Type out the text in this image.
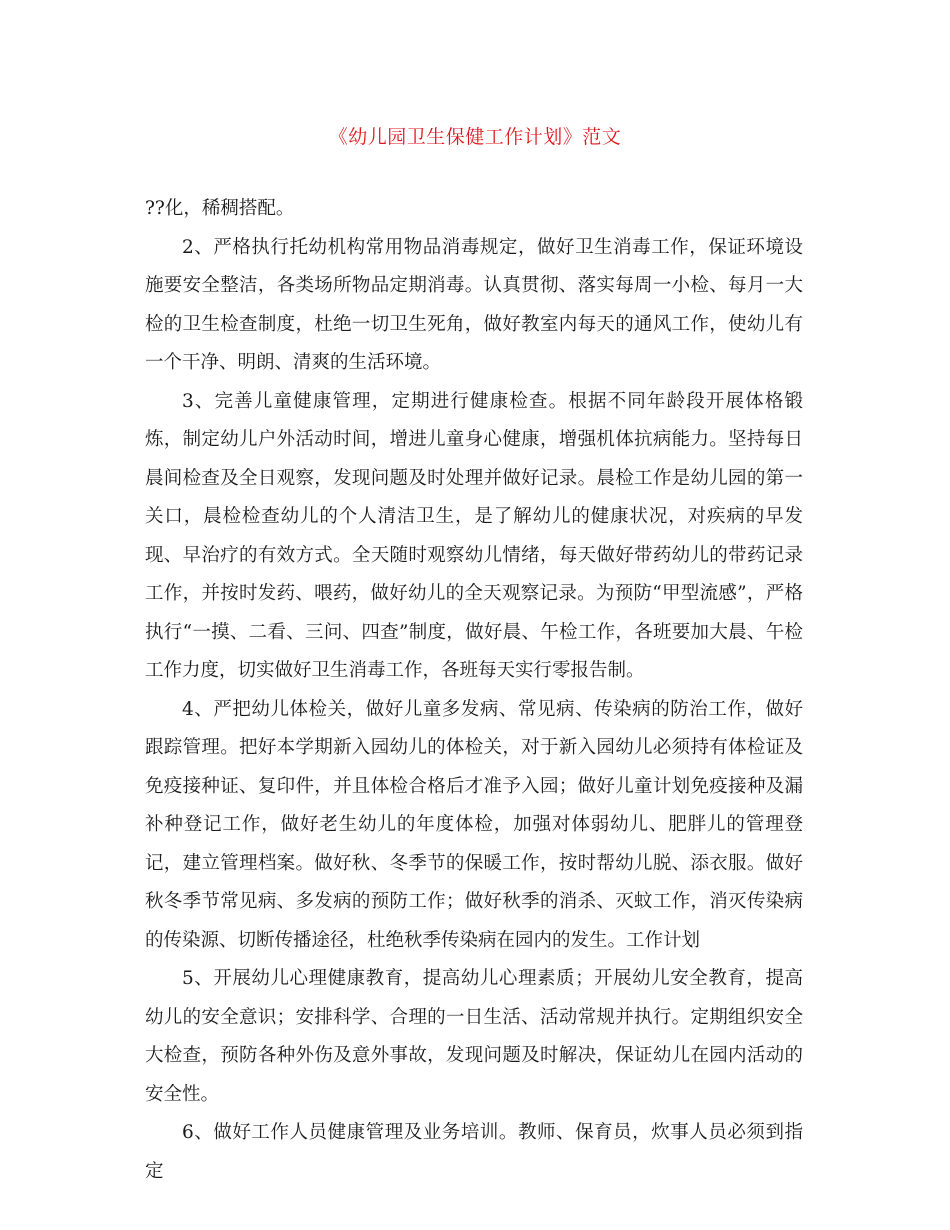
《幼儿园卫生保健工作计划》范文

??化，稀稠搭配。

2、严格执行托幼机构常用物品消毒规定，做好卫生消毒工作，保证环境设施要安全整洁，各类场所物品定期消毒。认真贯彻、落实每周一小检、每月一大检的卫生检查制度，杜绝一切卫生死角，做好教室内每天的通风工作，使幼儿有一个干净、明朗、清爽的生活环境。

3、完善儿童健康管理，定期进行健康检查。根据不同年龄段开展体格锻炼，制定幼儿户外活动时间，增进儿童身心健康，增强机体抗病能力。坚持每日晨间检查及全日观察，发现问题及时处理并做好记录。晨检工作是幼儿园的第一关口，晨检检查幼儿的个人清洁卫生，是了解幼儿的健康状况，对疾病的早发现、早治疗的有效方式。全天随时观察幼儿情绪，每天做好带药幼儿的带药记录工作，并按时发药、喂药，做好幼儿的全天观察记录。为预防“甲型流感”，严格执行“一摸、二看、三问、四查”制度，做好晨、午检工作，各班要加大晨、午检工作力度，切实做好卫生消毒工作，各班每天实行零报告制。

4、严把幼儿体检关，做好儿童多发病、常见病、传染病的防治工作，做好跟踪管理。把好本学期新入园幼儿的体检关，对于新入园幼儿必须持有体检证及免疫接种证、复印件，并且体检合格后才准予入园；做好儿童计划免疫接种及漏补种登记工作，做好老生幼儿的年度体检，加强对体弱幼儿、肥胖儿的管理登记，建立管理档案。做好秋、冬季节的保暖工作，按时帮幼儿脱、添衣服。做好秋冬季节常见病、多发病的预防工作；做好秋季的消杀、灭蚊工作，消灭传染病的传染源、切断传播途径，杜绝秋季传染病在园内的发生。工作计划

5、开展幼儿心理健康教育，提高幼儿心理素质；开展幼儿安全教育，提高幼儿的安全意识；安排科学、合理的一日生活、活动常规并执行。定期组织安全大检查，预防各种外伤及意外事故，发现问题及时解决，保证幼儿在园内活动的安全性。

6、做好工作人员健康管理及业务培训。教师、保育员，炊事人员必须到指定
